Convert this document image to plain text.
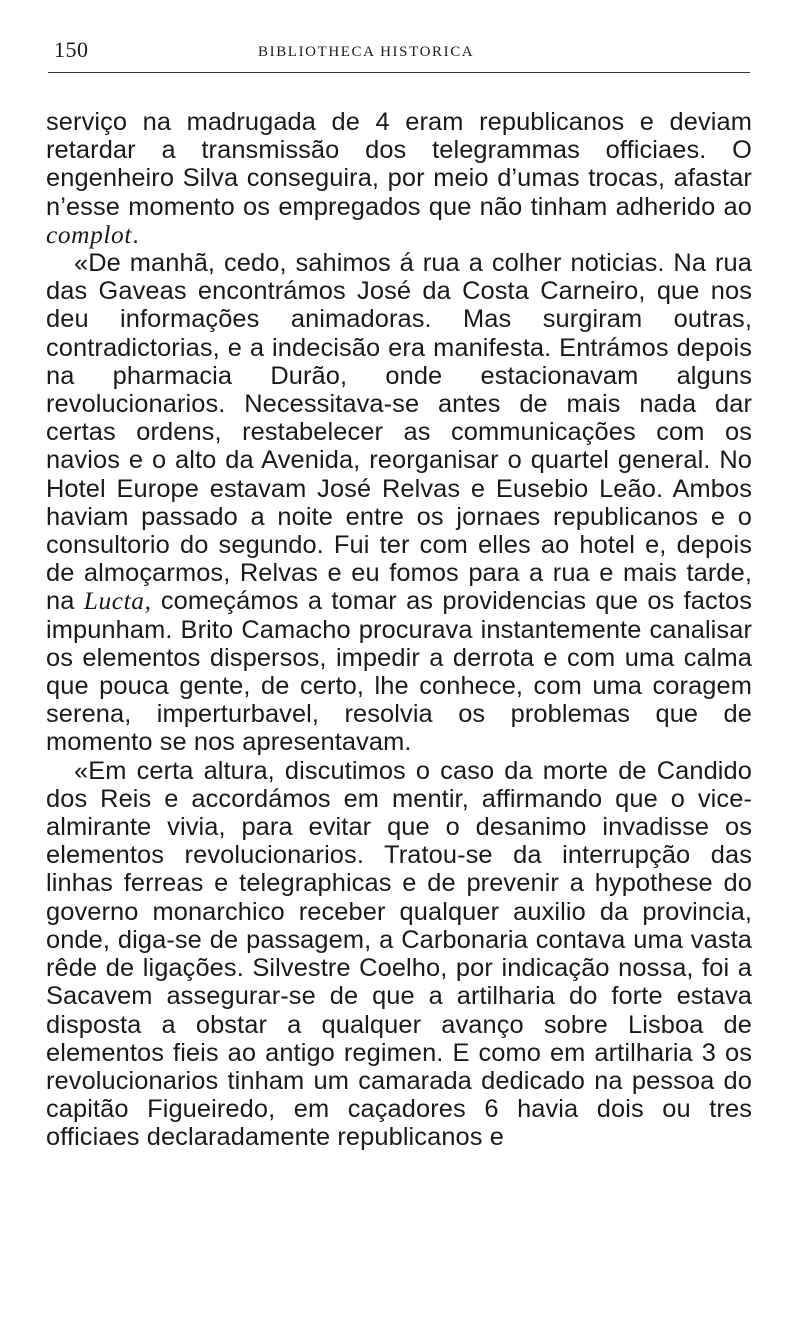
150	BIBLIOTHECA HISTORICA

serviço na madrugada de 4 eram republicanos e deviam retardar a transmissão dos telegrammas officiaes. O engenheiro Silva conseguira, por meio d’umas trocas, afastar n’esse momento os empregados que não tinham adherido ao complot.

«De manhã, cedo, sahimos á rua a colher noticias. Na rua das Gaveas encontrámos José da Costa Carneiro, que nos deu informações animadoras. Mas surgiram outras, contradictorias, e a indecisão era manifesta. Entrámos depois na pharmacia Durão, onde estacionavam alguns revolucionarios. Necessitava-se antes de mais nada dar certas ordens, restabelecer as communicações com os navios e o alto da Avenida, reorganisar o quartel general. No Hotel Europe estavam José Relvas e Eusebio Leão. Ambos haviam passado a noite entre os jornaes republicanos e o consultorio do segundo. Fui ter com elles ao hotel e, depois de almoçarmos, Relvas e eu fomos para a rua e mais tarde, na Lucta, começámos a tomar as providencias que os factos impunham. Brito Camacho procurava instantemente canalisar os elementos dispersos, impedir a derrota e com uma calma que pouca gente, de certo, lhe conhece, com uma coragem serena, imperturbavel, resolvia os problemas que de momento se nos apresentavam.

«Em certa altura, discutimos o caso da morte de Candido dos Reis e accordámos em mentir, affirmando que o vice-almirante vivia, para evitar que o desanimo invadisse os elementos revolucionarios. Tratou-se da interrupção das linhas ferreas e telegraphicas e de prevenir a hypothese do governo monarchico receber qualquer auxilio da provincia, onde, diga-se de passagem, a Carbonaria contava uma vasta rêde de ligações. Silvestre Coelho, por indicação nossa, foi a Sacavem assegurar-se de que a artilharia do forte estava disposta a obstar a qualquer avanço sobre Lisboa de elementos fieis ao antigo regimen. E como em artilharia 3 os revolucionarios tinham um camarada dedicado na pessoa do capitão Figueiredo, em caçadores 6 havia dois ou tres officiaes declaradamente republicanos e
